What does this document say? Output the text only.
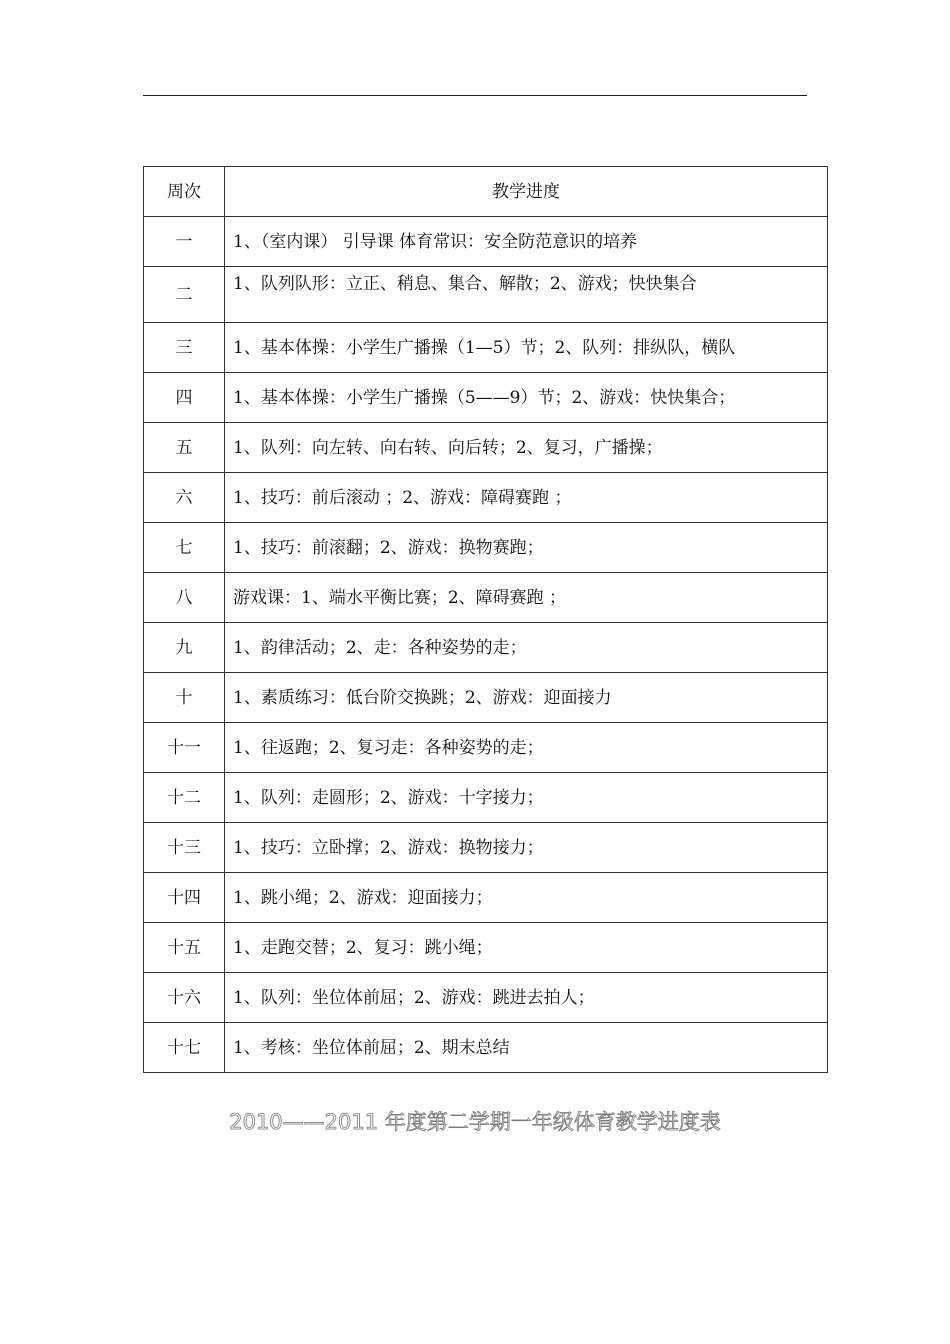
周次	教学进度
一	1、（室内课） 引导课 体育常识：安全防范意识的培养
二	1、队列队形：立正、稍息、集合、解散；2、游戏；快快集合
三	1、基本体操：小学生广播操（1—5）节；2、队列：排纵队，横队
四	1、基本体操：小学生广播操（5——9）节；2、游戏：快快集合；
五	1、队列：向左转、向右转、向后转；2、复习，广播操；
六	1、技巧：前后滚动 ；2、游戏：障碍赛跑 ；
七	1、技巧：前滚翻；2、游戏：换物赛跑；
八	游戏课：1、端水平衡比赛；2、障碍赛跑 ；
九	1、韵律活动；2、走：各种姿势的走；
十	1、素质练习：低台阶交换跳；2、游戏：迎面接力
十一	1、往返跑；2、复习走：各种姿势的走；
十二	1、队列：走圆形；2、游戏：十字接力；
十三	1、技巧：立卧撑；2、游戏：换物接力；
十四	1、跳小绳；2、游戏：迎面接力；
十五	1、走跑交替；2、复习：跳小绳；
十六	1、队列：坐位体前屈；2、游戏：跳进去拍人；
十七	1、考核：坐位体前屈；2、期末总结
2010——2011 年度第二学期一年级体育教学进度表
